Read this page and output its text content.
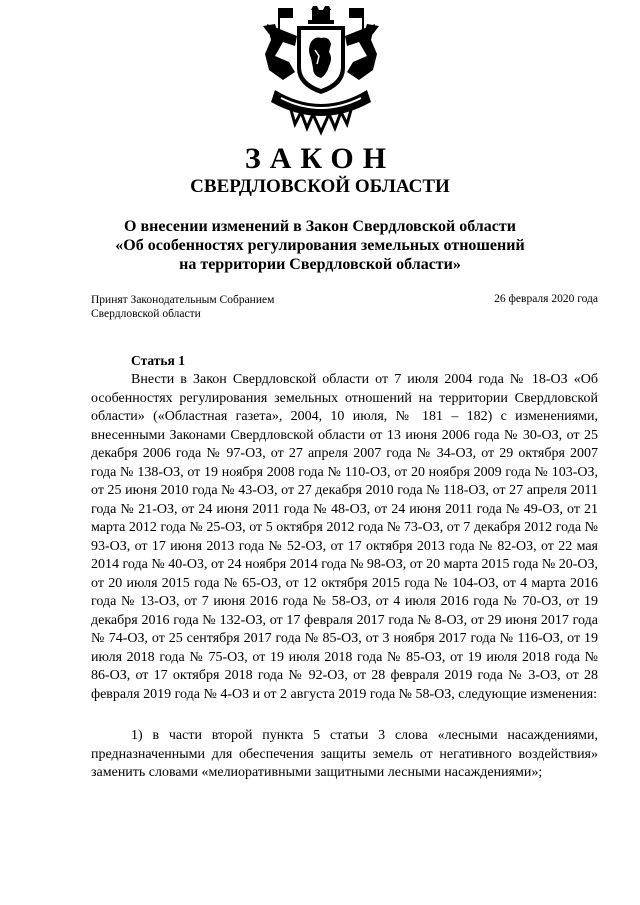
ЗАКОН
СВЕРДЛОВСКОЙ ОБЛАСТИ
О внесении изменений в Закон Свердловской области
«Об особенностях регулирования земельных отношений
на территории Свердловской области»
Принят Законодательным Собранием
Свердловской области
26 февраля 2020 года
Статья 1
Внести в Закон Свердловской области от 7 июля 2004 года № 18-ОЗ «Об особенностях регулирования земельных отношений на территории Свердловской области» («Областная газета», 2004, 10 июля, № 181 – 182) с изменениями, внесенными Законами Свердловской области от 13 июня 2006 года № 30-ОЗ, от 25 декабря 2006 года № 97-ОЗ, от 27 апреля 2007 года № 34-ОЗ, от 29 октября 2007 года № 138-ОЗ, от 19 ноября 2008 года № 110-ОЗ, от 20 ноября 2009 года № 103-ОЗ, от 25 июня 2010 года № 43-ОЗ, от 27 декабря 2010 года № 118-ОЗ, от 27 апреля 2011 года № 21-ОЗ, от 24 июня 2011 года № 48-ОЗ, от 24 июня 2011 года № 49-ОЗ, от 21 марта 2012 года № 25-ОЗ, от 5 октября 2012 года № 73-ОЗ, от 7 декабря 2012 года № 93-ОЗ, от 17 июня 2013 года № 52-ОЗ, от 17 октября 2013 года № 82-ОЗ, от 22 мая 2014 года № 40-ОЗ, от 24 ноября 2014 года № 98-ОЗ, от 20 марта 2015 года № 20-ОЗ, от 20 июля 2015 года № 65-ОЗ, от 12 октября 2015 года № 104-ОЗ, от 4 марта 2016 года № 13-ОЗ, от 7 июня 2016 года № 58-ОЗ, от 4 июля 2016 года № 70-ОЗ, от 19 декабря 2016 года № 132-ОЗ, от 17 февраля 2017 года № 8-ОЗ, от 29 июня 2017 года № 74-ОЗ, от 25 сентября 2017 года № 85-ОЗ, от 3 ноября 2017 года № 116-ОЗ, от 19 июля 2018 года № 75-ОЗ, от 19 июля 2018 года № 85-ОЗ, от 19 июля 2018 года № 86-ОЗ, от 17 октября 2018 года № 92-ОЗ, от 28 февраля 2019 года № 3-ОЗ, от 28 февраля 2019 года № 4-ОЗ и от 2 августа 2019 года № 58-ОЗ, следующие изменения:
1) в части второй пункта 5 статьи 3 слова «лесными насаждениями, предназначенными для обеспечения защиты земель от негативного воздействия» заменить словами «мелиоративными защитными лесными насаждениями»;
